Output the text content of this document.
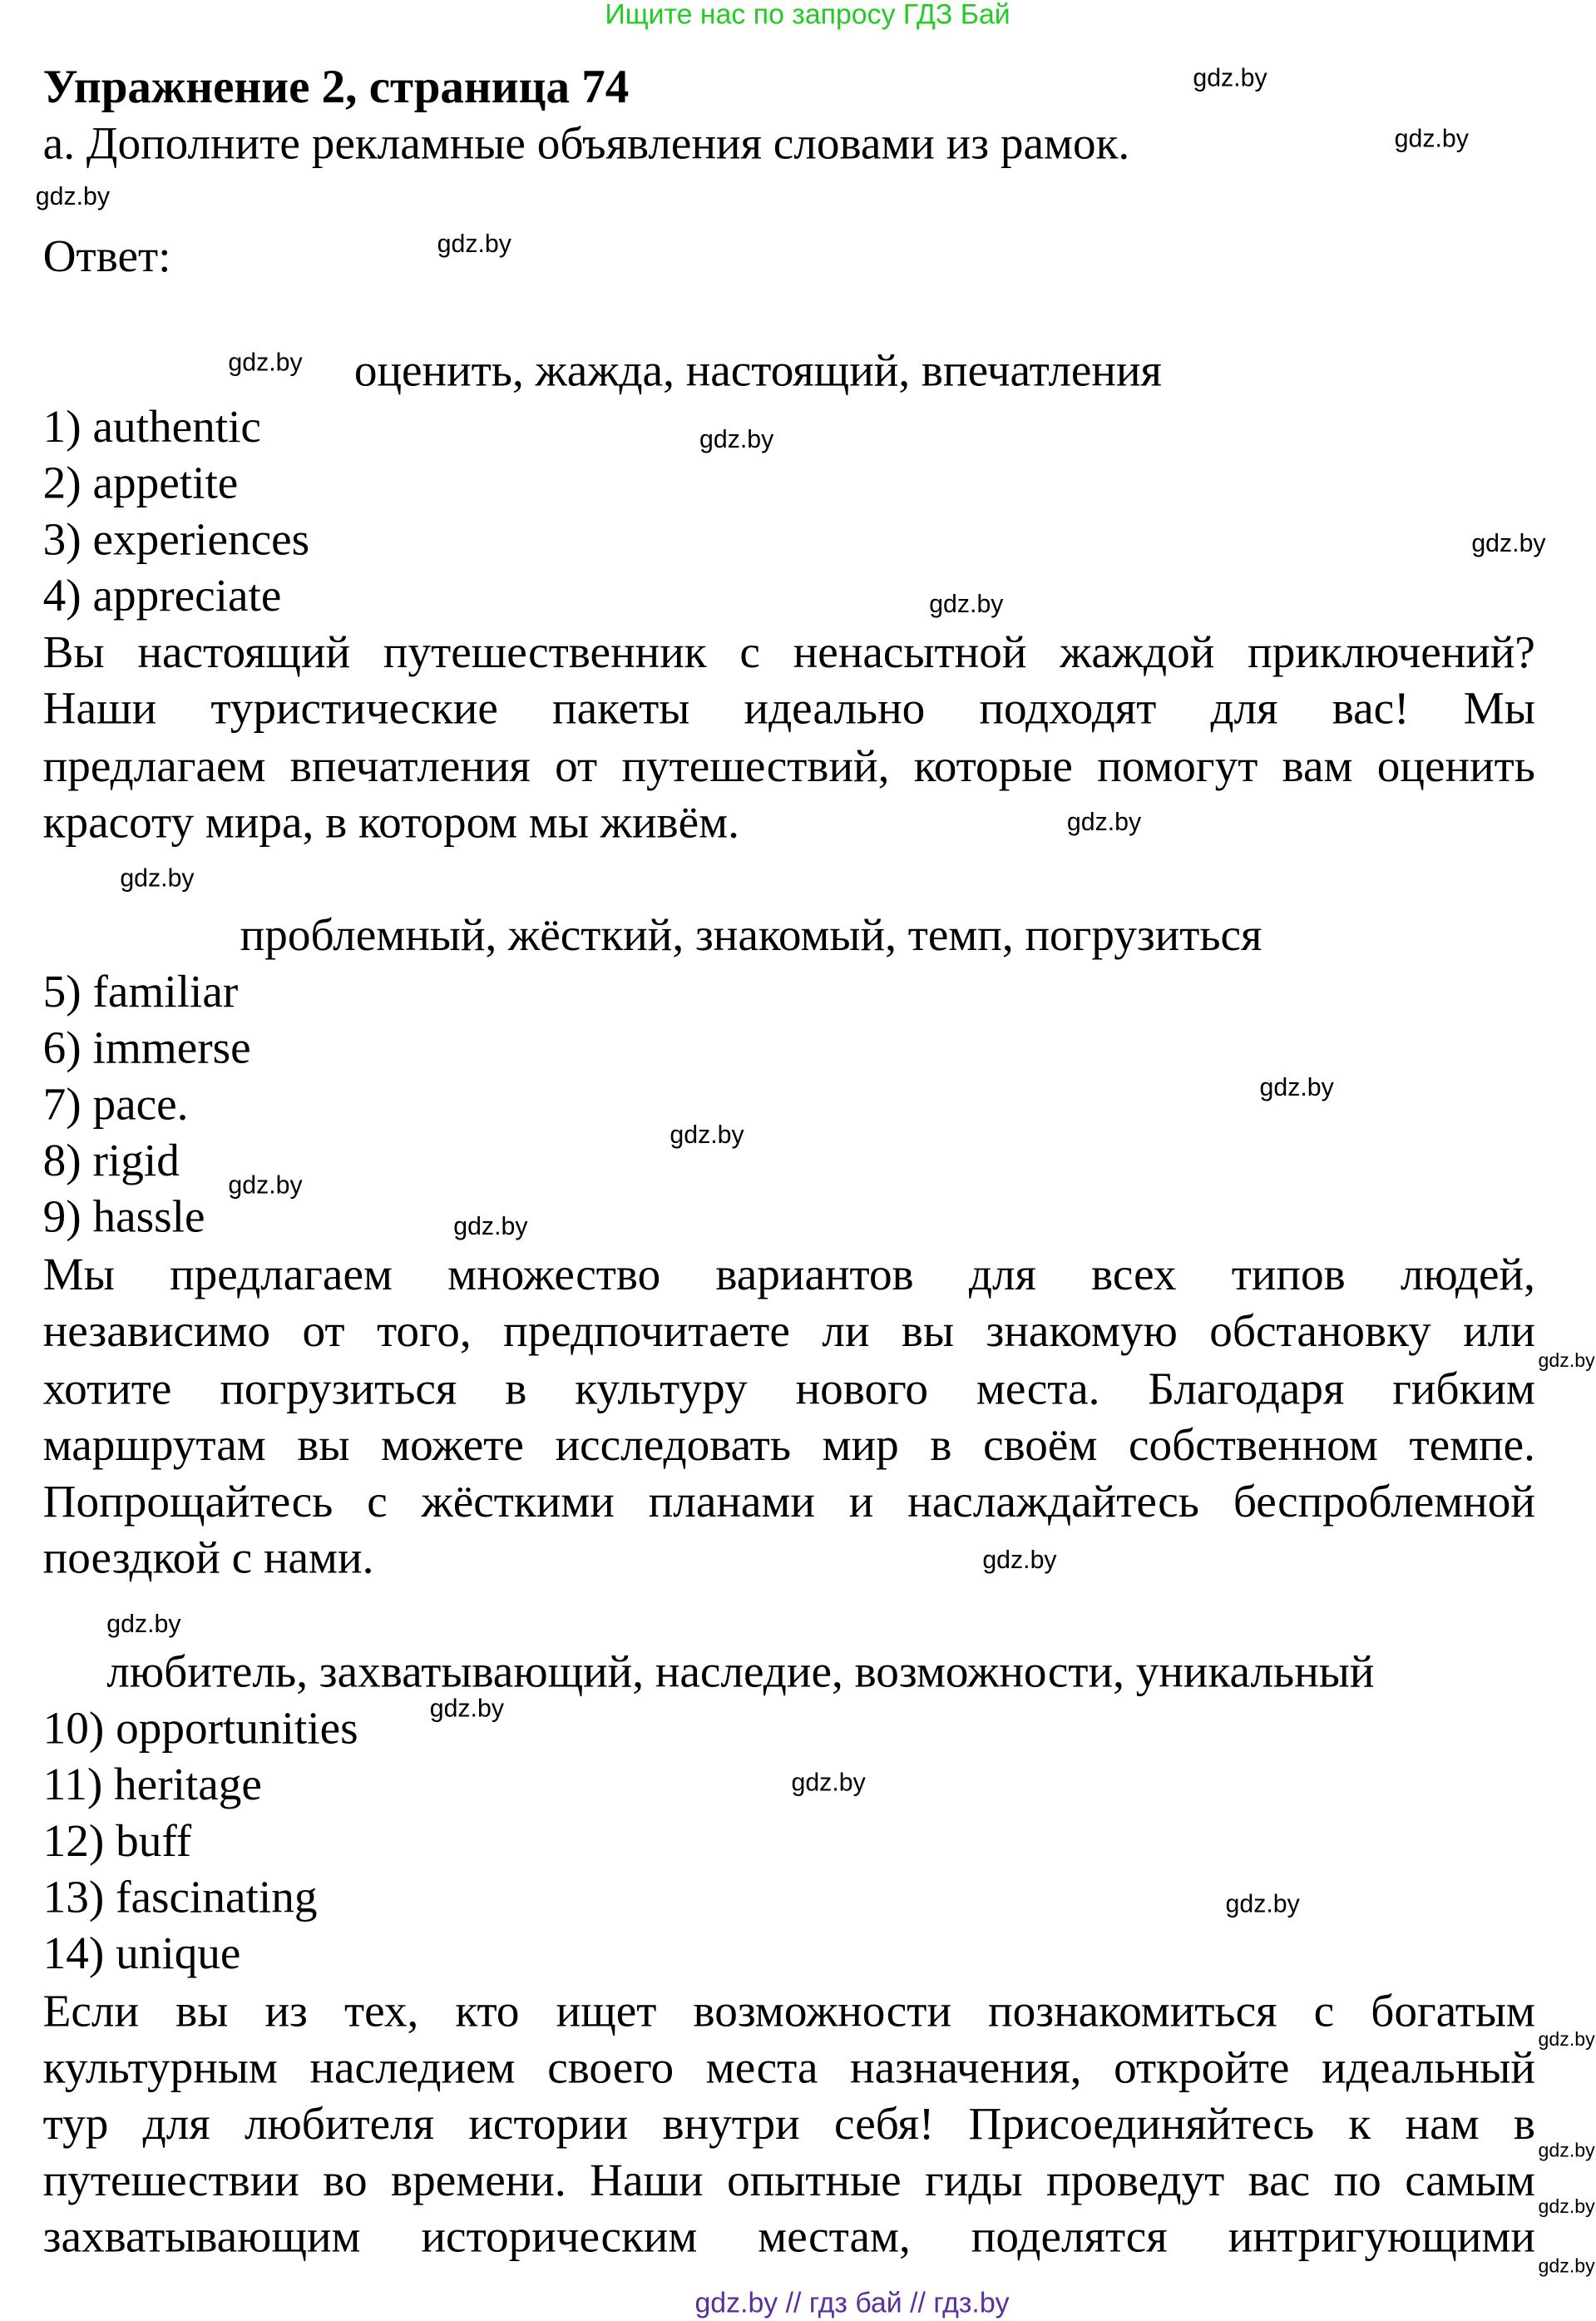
Ищите нас по запросу ГДЗ Бай
Упражнение 2, страница 74
а. Дополните рекламные объявления словами из рамок.
Ответ:
оценить, жажда, настоящий, впечатления
1) authentic
2) appetite
3) experiences
4) appreciate
Вы настоящий путешественник с ненасытной жаждой приключений?
Наши туристические пакеты идеально подходят для вас! Мы
предлагаем впечатления от путешествий, которые помогут вам оценить
красоту мира, в котором мы живём.
проблемный, жёсткий, знакомый, темп, погрузиться
5) familiar
6) immerse
7) pace.
8) rigid
9) hassle
Мы предлагаем множество вариантов для всех типов людей,
независимо от того, предпочитаете ли вы знакомую обстановку или
хотите погрузиться в культуру нового места. Благодаря гибким
маршрутам вы можете исследовать мир в своём собственном темпе.
Попрощайтесь с жёсткими планами и наслаждайтесь беспроблемной
поездкой с нами.
любитель, захватывающий, наследие, возможности, уникальный
10) opportunities
11) heritage
12) buff
13) fascinating
14) unique
Если вы из тех, кто ищет возможности познакомиться с богатым
культурным наследием своего места назначения, откройте идеальный
тур для любителя истории внутри себя! Присоединяйтесь к нам в
путешествии во времени. Наши опытные гиды проведут вас по самым
захватывающим историческим местам, поделятся интригующими
gdz.by
gdz.by
gdz.by
gdz.by
gdz.by
gdz.by
gdz.by
gdz.by
gdz.by
gdz.by
gdz.by
gdz.by
gdz.by
gdz.by
gdz.by
gdz.by
gdz.by
gdz.by
gdz.by
gdz.by
gdz.by
gdz.by
gdz.by
gdz.by
gdz.by // гдз бай // гдз.by
